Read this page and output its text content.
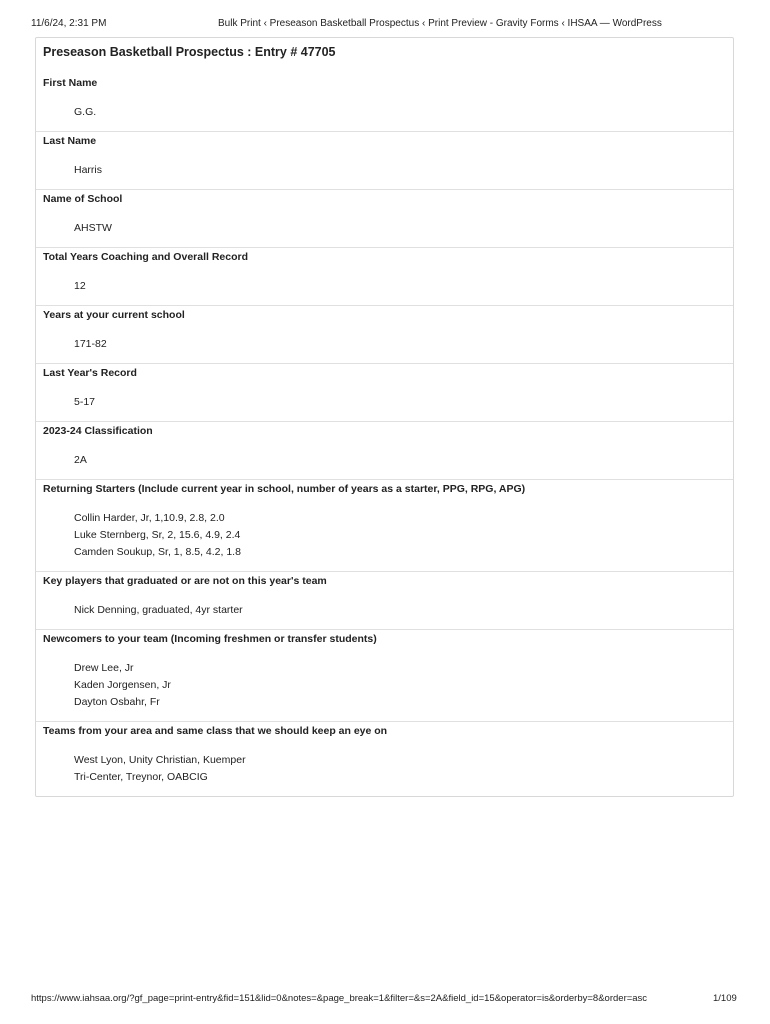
11/6/24, 2:31 PM	Bulk Print ‹ Preseason Basketball Prospectus ‹ Print Preview - Gravity Forms ‹ IHSAA — WordPress
Preseason Basketball Prospectus : Entry # 47705
First Name
G.G.
Last Name
Harris
Name of School
AHSTW
Total Years Coaching and Overall Record
12
Years at your current school
171-82
Last Year's Record
5-17
2023-24 Classification
2A
Returning Starters (Include current year in school, number of years as a starter, PPG, RPG, APG)
Collin Harder, Jr, 1,10.9, 2.8, 2.0
Luke Sternberg, Sr, 2, 15.6, 4.9, 2.4
Camden Soukup, Sr, 1, 8.5, 4.2, 1.8
Key players that graduated or are not on this year's team
Nick Denning, graduated, 4yr starter
Newcomers to your team (Incoming freshmen or transfer students)
Drew Lee, Jr
Kaden Jorgensen, Jr
Dayton Osbahr, Fr
Teams from your area and same class that we should keep an eye on
West Lyon, Unity Christian, Kuemper
Tri-Center, Treynor, OABCIG
https://www.iahsaa.org/?gf_page=print-entry&fid=151&lid=0&notes=&page_break=1&filter=&s=2A&field_id=15&operator=is&orderby=8&order=asc	1/109
